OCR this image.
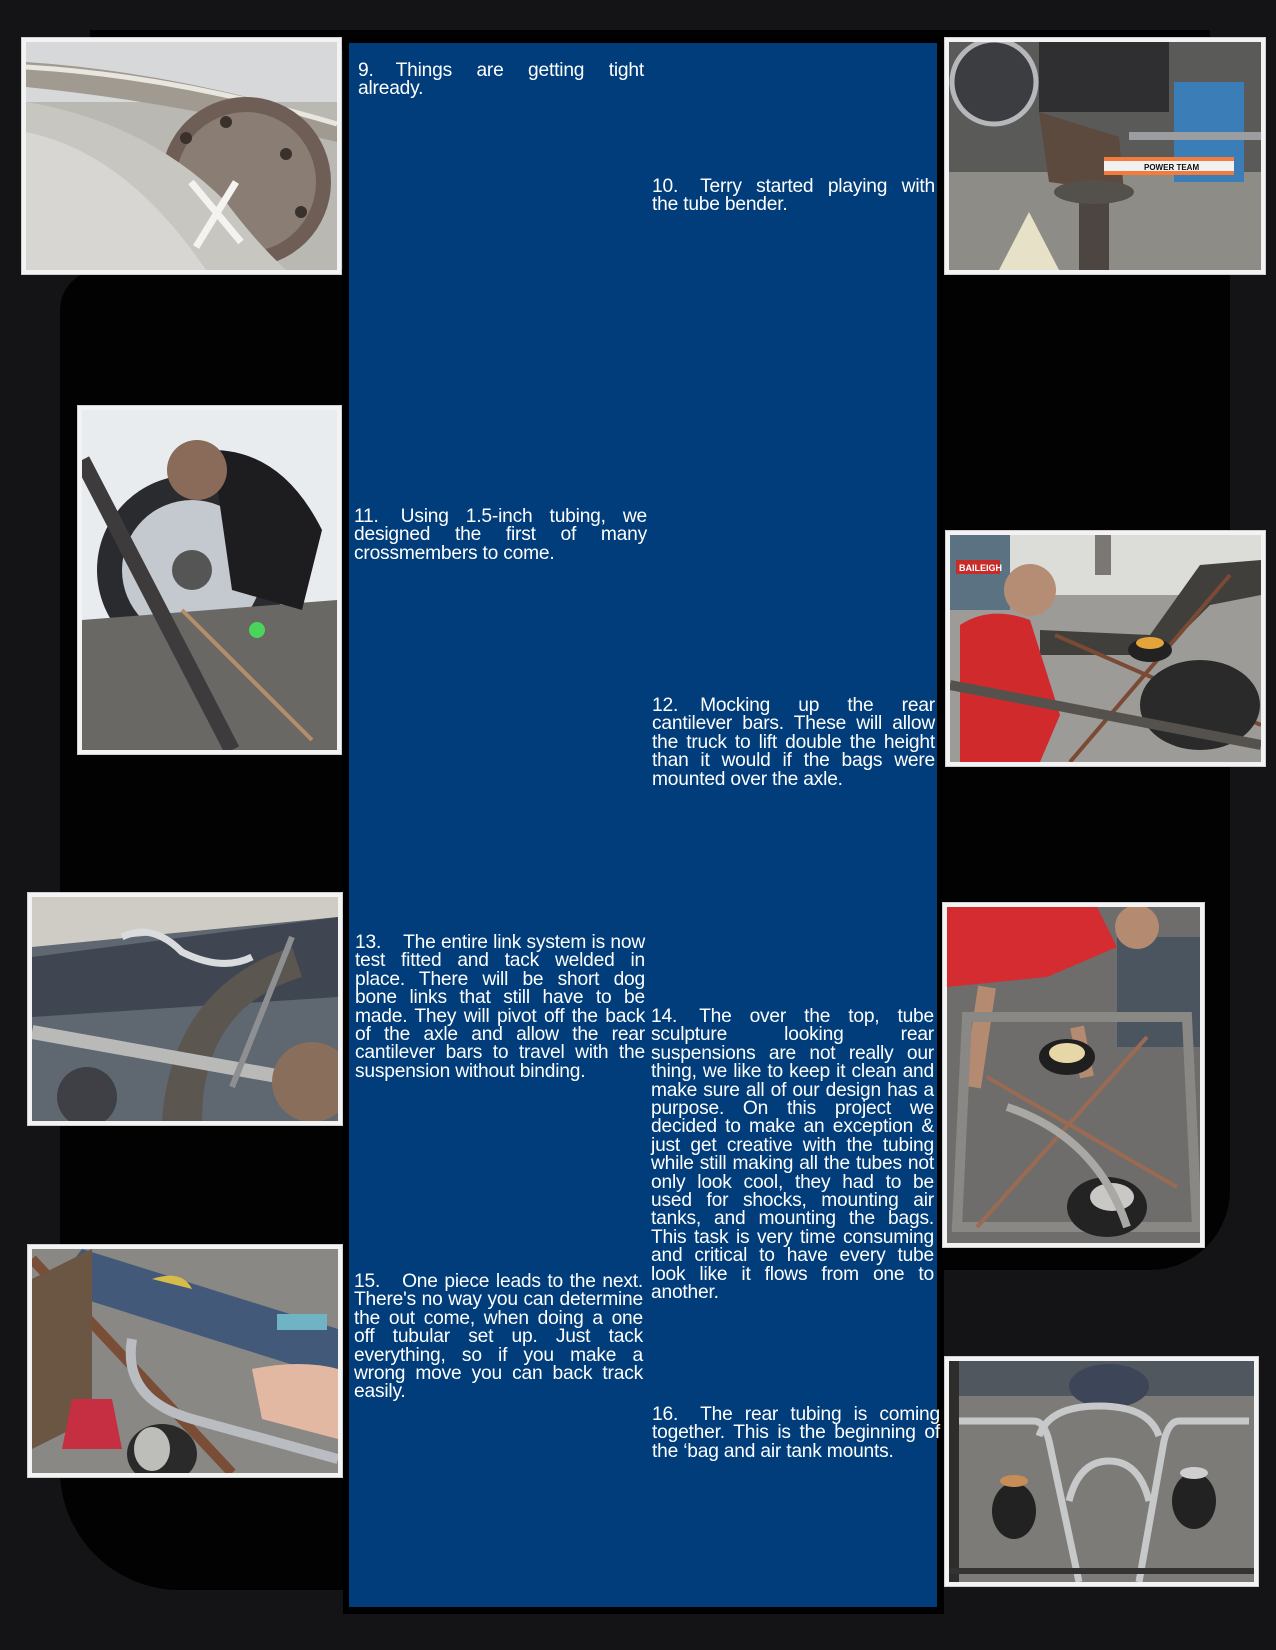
9. Things are getting tight already.

10. Terry started playing with the tube bender.

11. Using 1.5-inch tubing, we designed the first of many crossmembers to come.

12. Mocking up the rear cantilever bars. These will allow the truck to lift double the height than it would if the bags were mounted over the axle.

13. The entire link system is now test fitted and tack welded in place. There will be short dog bone links that still have to be made. They will pivot off the back of the axle and allow the rear cantilever bars to travel with the suspension without binding.

14. The over the top, tube sculpture looking rear suspensions are not really our thing, we like to keep it clean and make sure all of our design has a purpose. On this project we decided to make an exception & just get creative with the tubing while still making all the tubes not only look cool, they had to be used for shocks, mounting air tanks, and mounting the bags. This task is very time consuming and critical to have every tube look like it flows from one to another.

15. One piece leads to the next. There's no way you can determine the out come, when doing a one off tubular set up. Just tack everything, so if you make a wrong move you can back track easily.

16. The rear tubing is coming together. This is the beginning of the ‘bag and air tank mounts.

POWER TEAM
BAILEIGH
